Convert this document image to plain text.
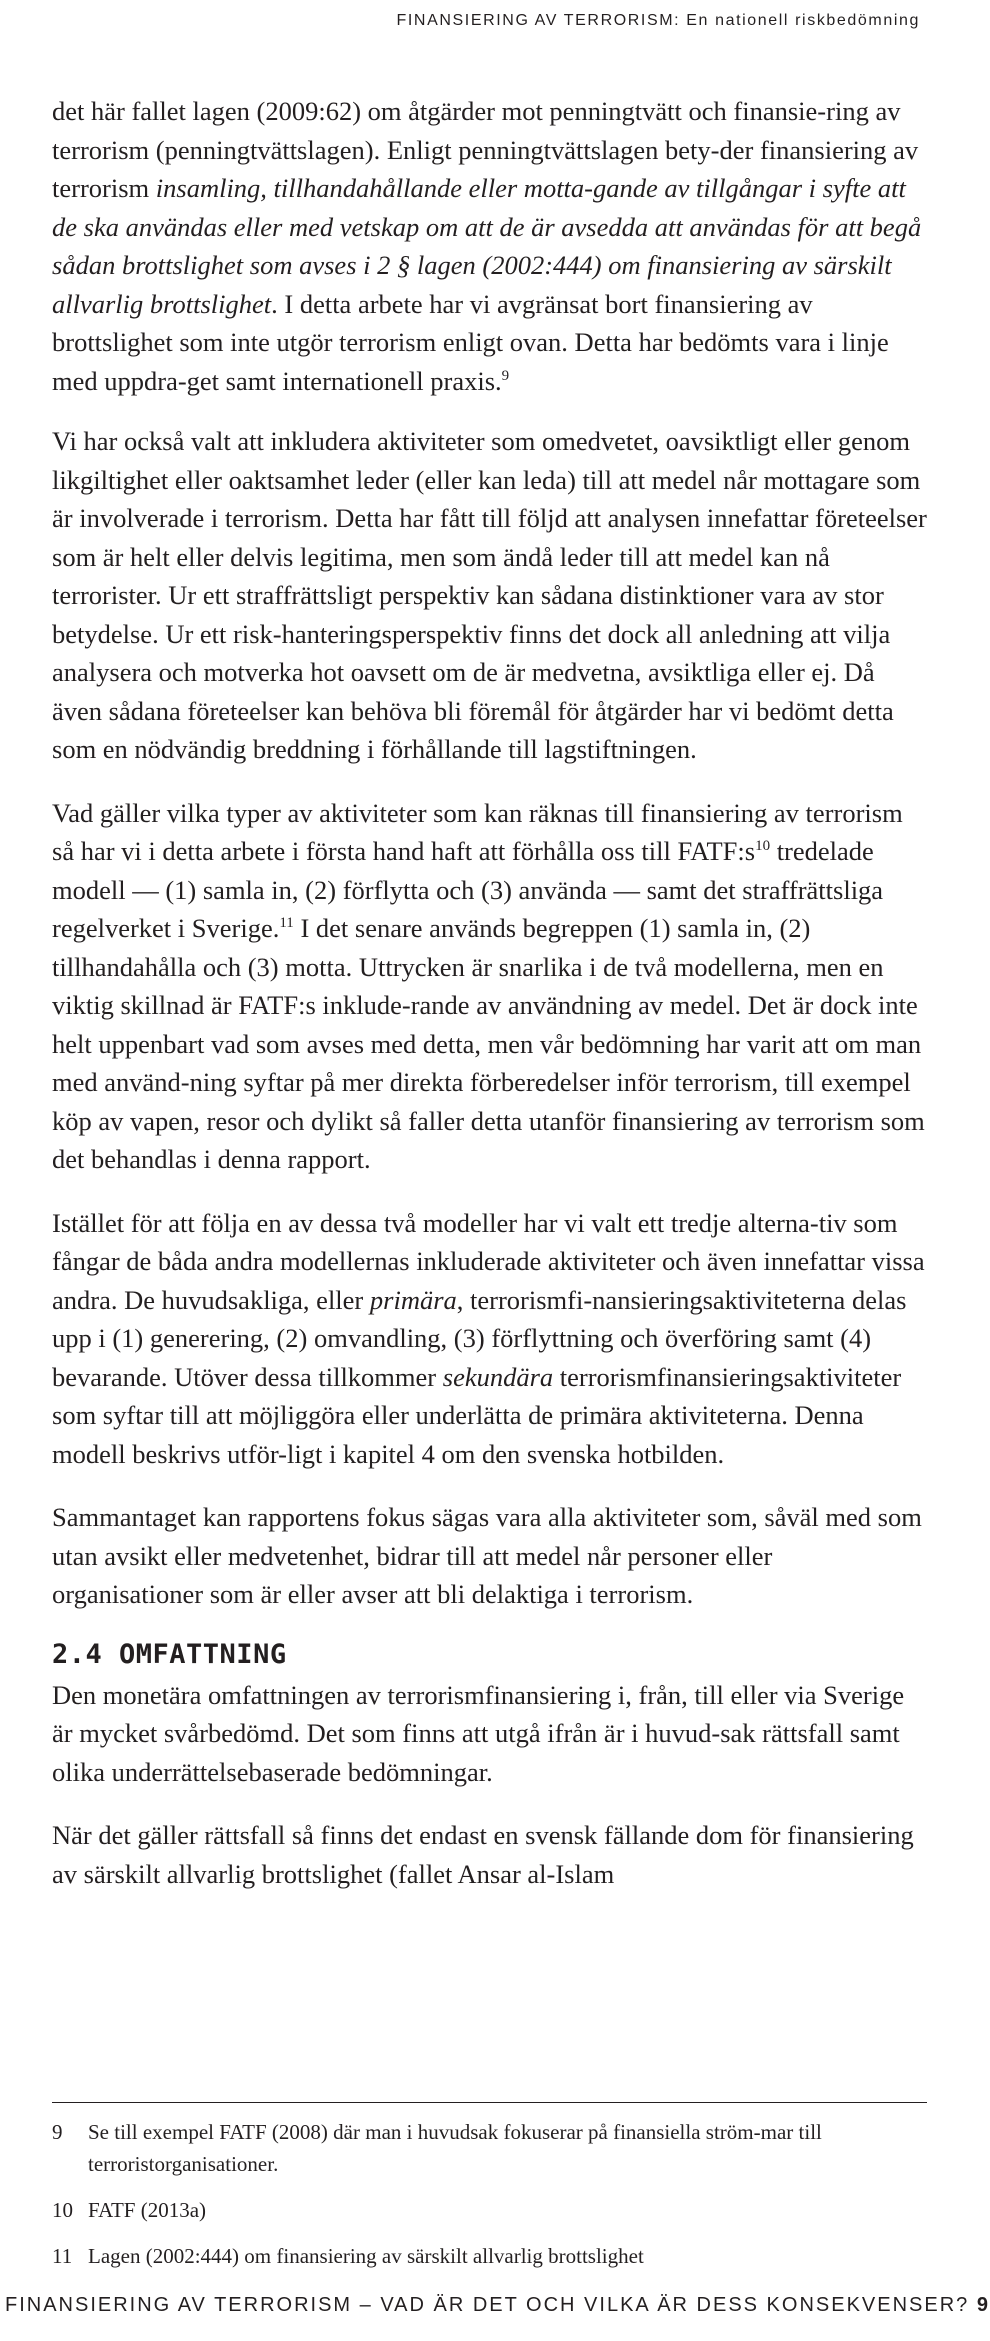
FINANSIERING AV TERRORISM: En nationell riskbedömning

det här fallet lagen (2009:62) om åtgärder mot penningtvätt och finansie-ring av terrorism (penningtvättslagen). Enligt penningtvättslagen bety-der finansiering av terrorism insamling, tillhandahållande eller motta-gande av tillgångar i syfte att de ska användas eller med vetskap om att de är avsedda att användas för att begå sådan brottslighet som avses i 2 § lagen (2002:444) om finansiering av särskilt allvarlig brottslighet. I detta arbete har vi avgränsat bort finansiering av brottslighet som inte utgör terrorism enligt ovan. Detta har bedömts vara i linje med uppdra-get samt internationell praxis.$^9$

Vi har också valt att inkludera aktiviteter som omedvetet, oavsiktligt eller genom likgiltighet eller oaktsamhet leder (eller kan leda) till att medel når mottagare som är involverade i terrorism. Detta har fått till följd att analysen innefattar företeelser som är helt eller delvis legitima, men som ändå leder till att medel kan nå terrorister. Ur ett straffrättsligt perspektiv kan sådana distinktioner vara av stor betydelse. Ur ett risk-hanteringsperspektiv finns det dock all anledning att vilja analysera och motverka hot oavsett om de är medvetna, avsiktliga eller ej. Då även sådana företeelser kan behöva bli föremål för åtgärder har vi bedömt detta som en nödvändig breddning i förhållande till lagstiftningen.

Vad gäller vilka typer av aktiviteter som kan räknas till finansiering av terrorism så har vi i detta arbete i första hand haft att förhålla oss till $FATF:s^{10}$ tredelade modell — (1) samla in, (2) förflytta och (3) använda — samt det straffrättsliga regelverket i Sverige.$^{11}$ I det senare används begreppen (1) samla in, (2) tillhandahålla och (3) motta. Uttrycken är snarlika i de två modellerna, men en viktig skillnad är FATF:s inklude-rande av användning av medel. Det är dock inte helt uppenbart vad som avses med detta, men vår bedömning har varit att om man med använd-ning syftar på mer direkta förberedelser inför terrorism, till exempel köp av vapen, resor och dylikt så faller detta utanför finansiering av terrorism som det behandlas i denna rapport.

Istället för att följa en av dessa två modeller har vi valt ett tredje alterna-tiv som fångar de båda andra modellernas inkluderade aktiviteter och även innefattar vissa andra. De huvudsakliga, eller primära, terrorismfi-nansieringsaktiviteterna delas upp i (1) generering, (2) omvandling, (3) förflyttning och överföring samt (4) bevarande. Utöver dessa tillkommer sekundära terrorismfinansieringsaktiviteter som syftar till att möjliggöra eller underlätta de primära aktiviteterna. Denna modell beskrivs utför-ligt i kapitel 4 om den svenska hotbilden.

Sammantaget kan rapportens fokus sägas vara alla aktiviteter som, såväl med som utan avsikt eller medvetenhet, bidrar till att medel når personer eller organisationer som är eller avser att bli delaktiga i terrorism.

2.4 OMFATTNING

Den monetära omfattningen av terrorismfinansiering i, från, till eller via Sverige är mycket svårbedömd. Det som finns att utgå ifrån är i huvud-sak rättsfall samt olika underrättelsebaserade bedömningar.

När det gäller rättsfall så finns det endast en svensk fällande dom för finansiering av särskilt allvarlig brottslighet (fallet Ansar al-Islam

9	Se till exempel FATF (2008) där man i huvudsak fokuserar på finansiella ström-mar till terroristorganisationer.
10 FATF (2013a)
11 Lagen (2002:444) om finansiering av särskilt allvarlig brottslighet
FINANSIERING AV TERRORISM – VAD ÄR DET OCH VILKA ÄR DESS KONSEKVENSER? 9
